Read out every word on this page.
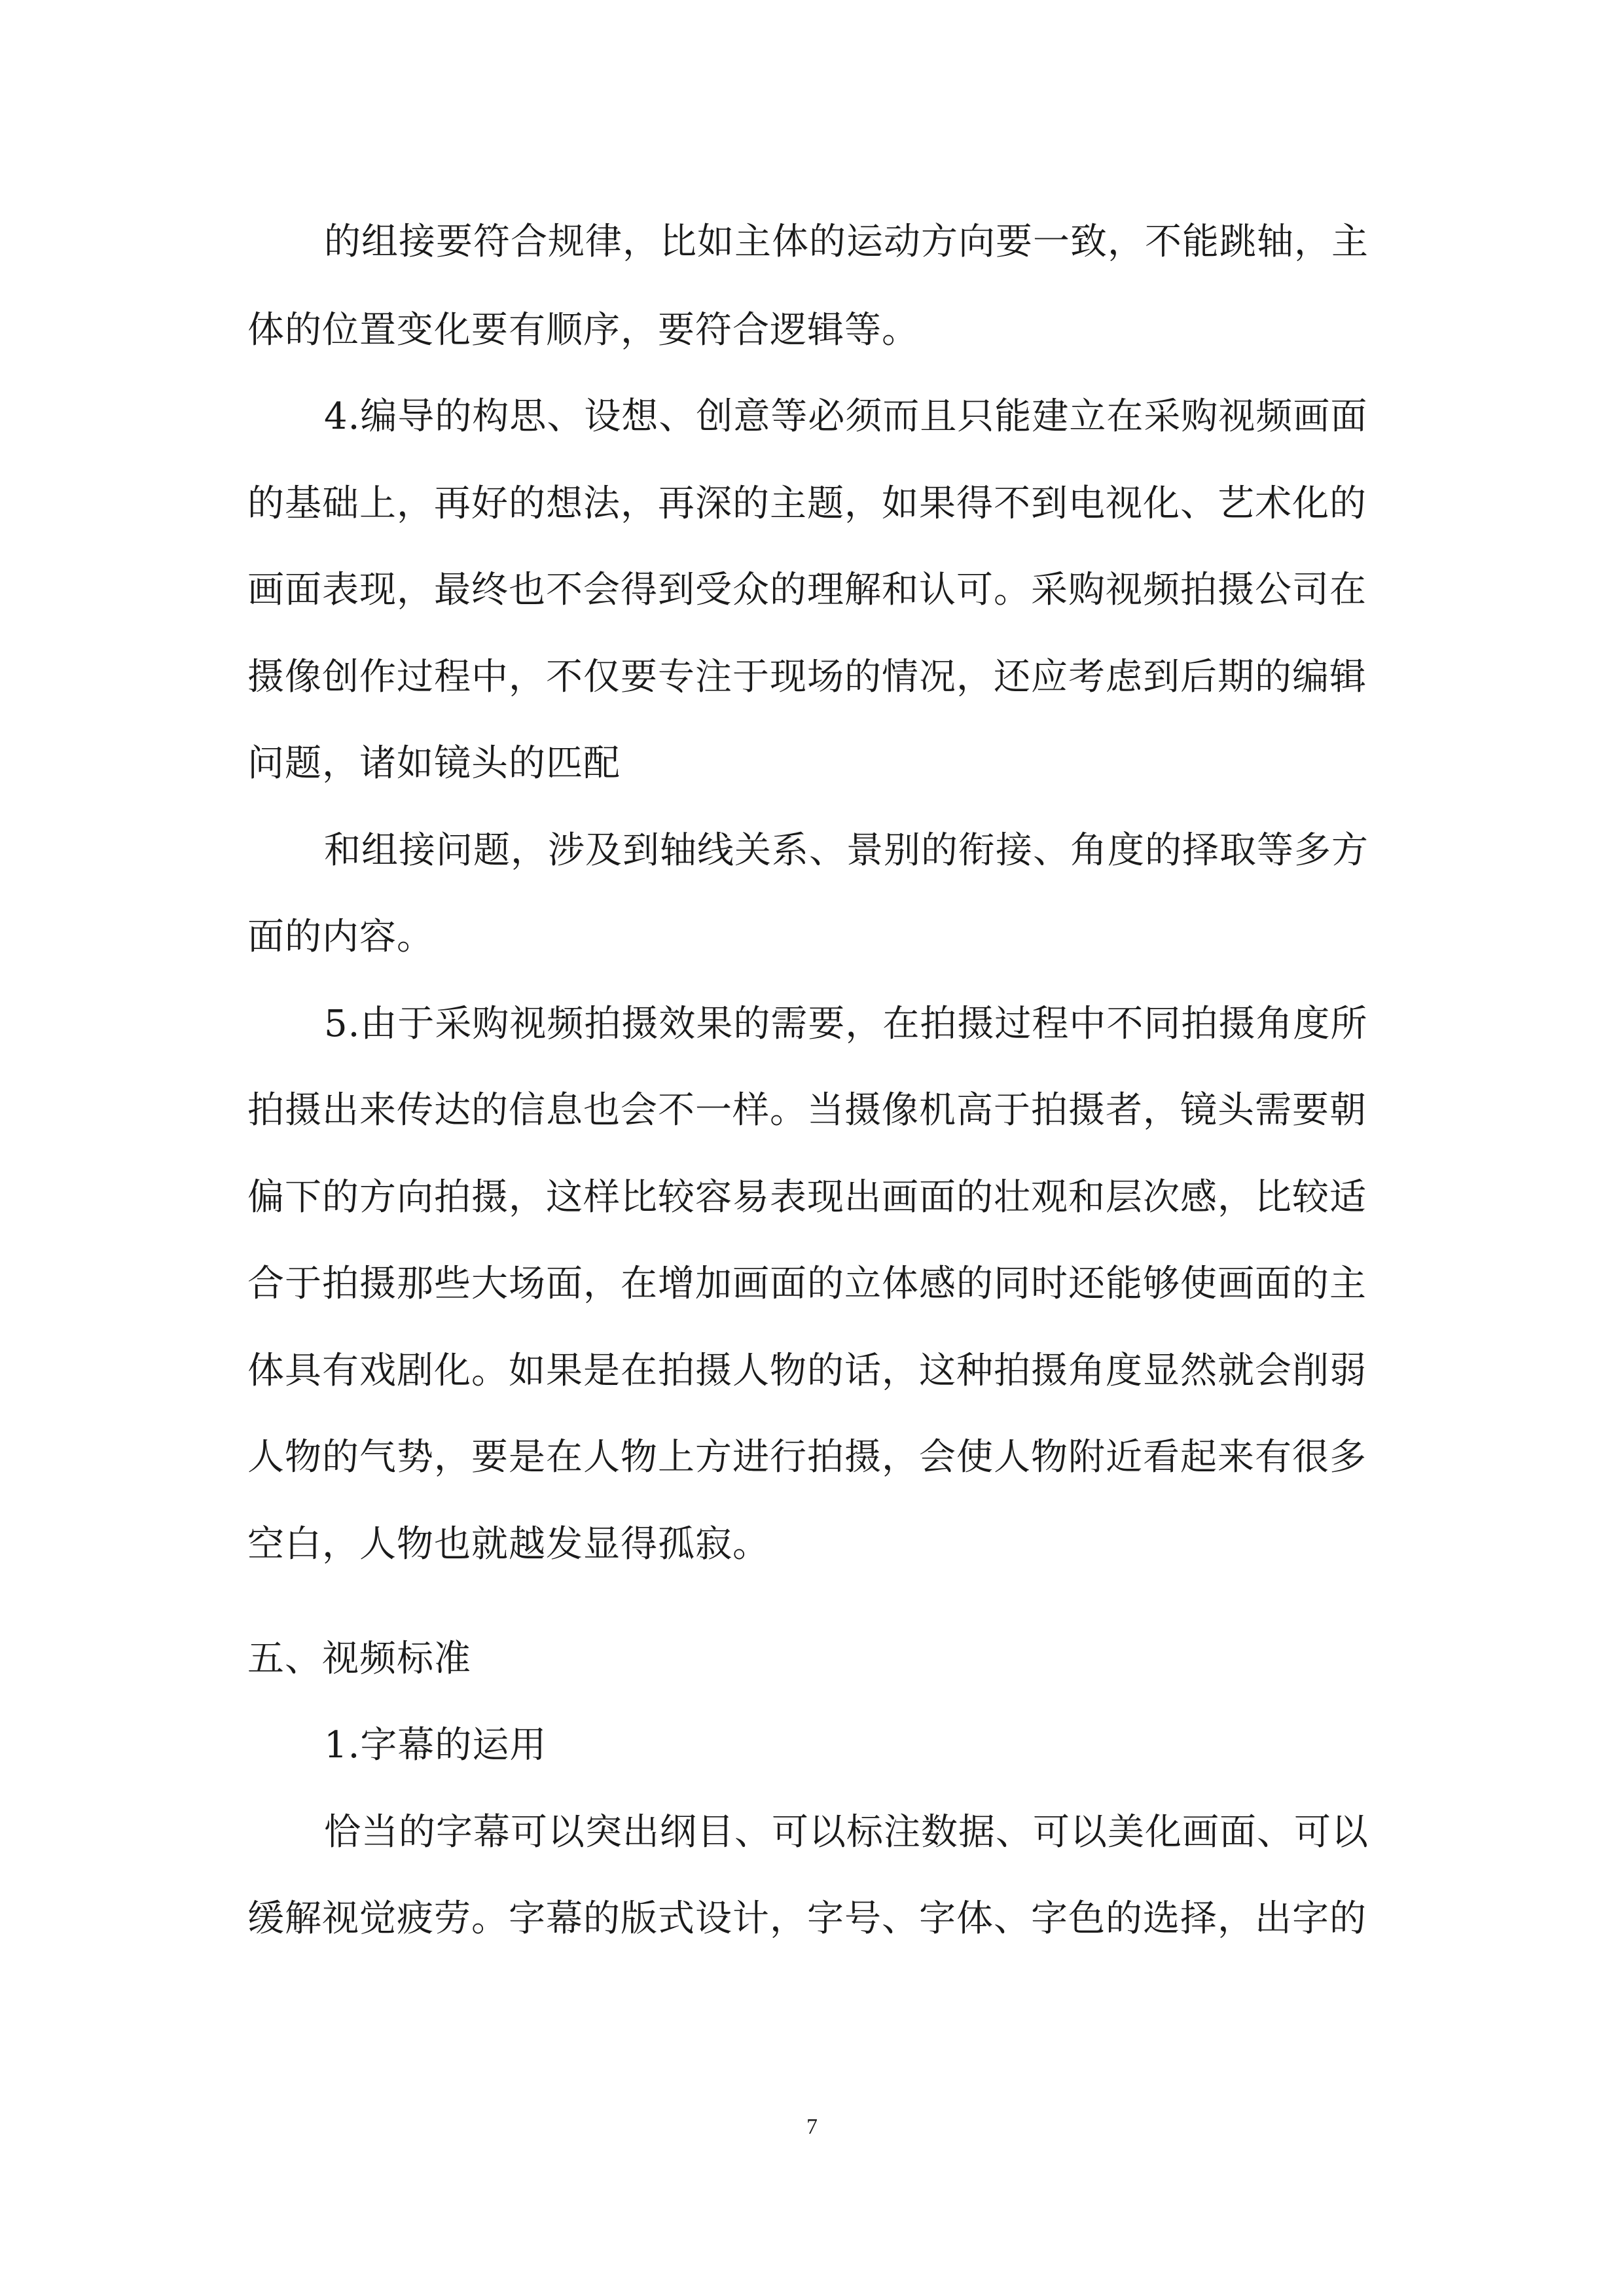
的组接要符合规律，比如主体的运动方向要一致，不能跳轴，主
体的位置变化要有顺序，要符合逻辑等。
4.编导的构思、设想、创意等必须而且只能建立在采购视频画面
的基础上，再好的想法，再深的主题，如果得不到电视化、艺术化的
画面表现，最终也不会得到受众的理解和认可。采购视频拍摄公司在
摄像创作过程中，不仅要专注于现场的情况，还应考虑到后期的编辑
问题，诸如镜头的匹配
和组接问题，涉及到轴线关系、景别的衔接、角度的择取等多方
面的内容。
5.由于采购视频拍摄效果的需要，在拍摄过程中不同拍摄角度所
拍摄出来传达的信息也会不一样。当摄像机高于拍摄者，镜头需要朝
偏下的方向拍摄，这样比较容易表现出画面的壮观和层次感，比较适
合于拍摄那些大场面，在增加画面的立体感的同时还能够使画面的主
体具有戏剧化。如果是在拍摄人物的话，这种拍摄角度显然就会削弱
人物的气势，要是在人物上方进行拍摄，会使人物附近看起来有很多
空白，人物也就越发显得孤寂。
五、视频标准
1.字幕的运用
恰当的字幕可以突出纲目、可以标注数据、可以美化画面、可以
缓解视觉疲劳。字幕的版式设计，字号、字体、字色的选择，出字的
7
